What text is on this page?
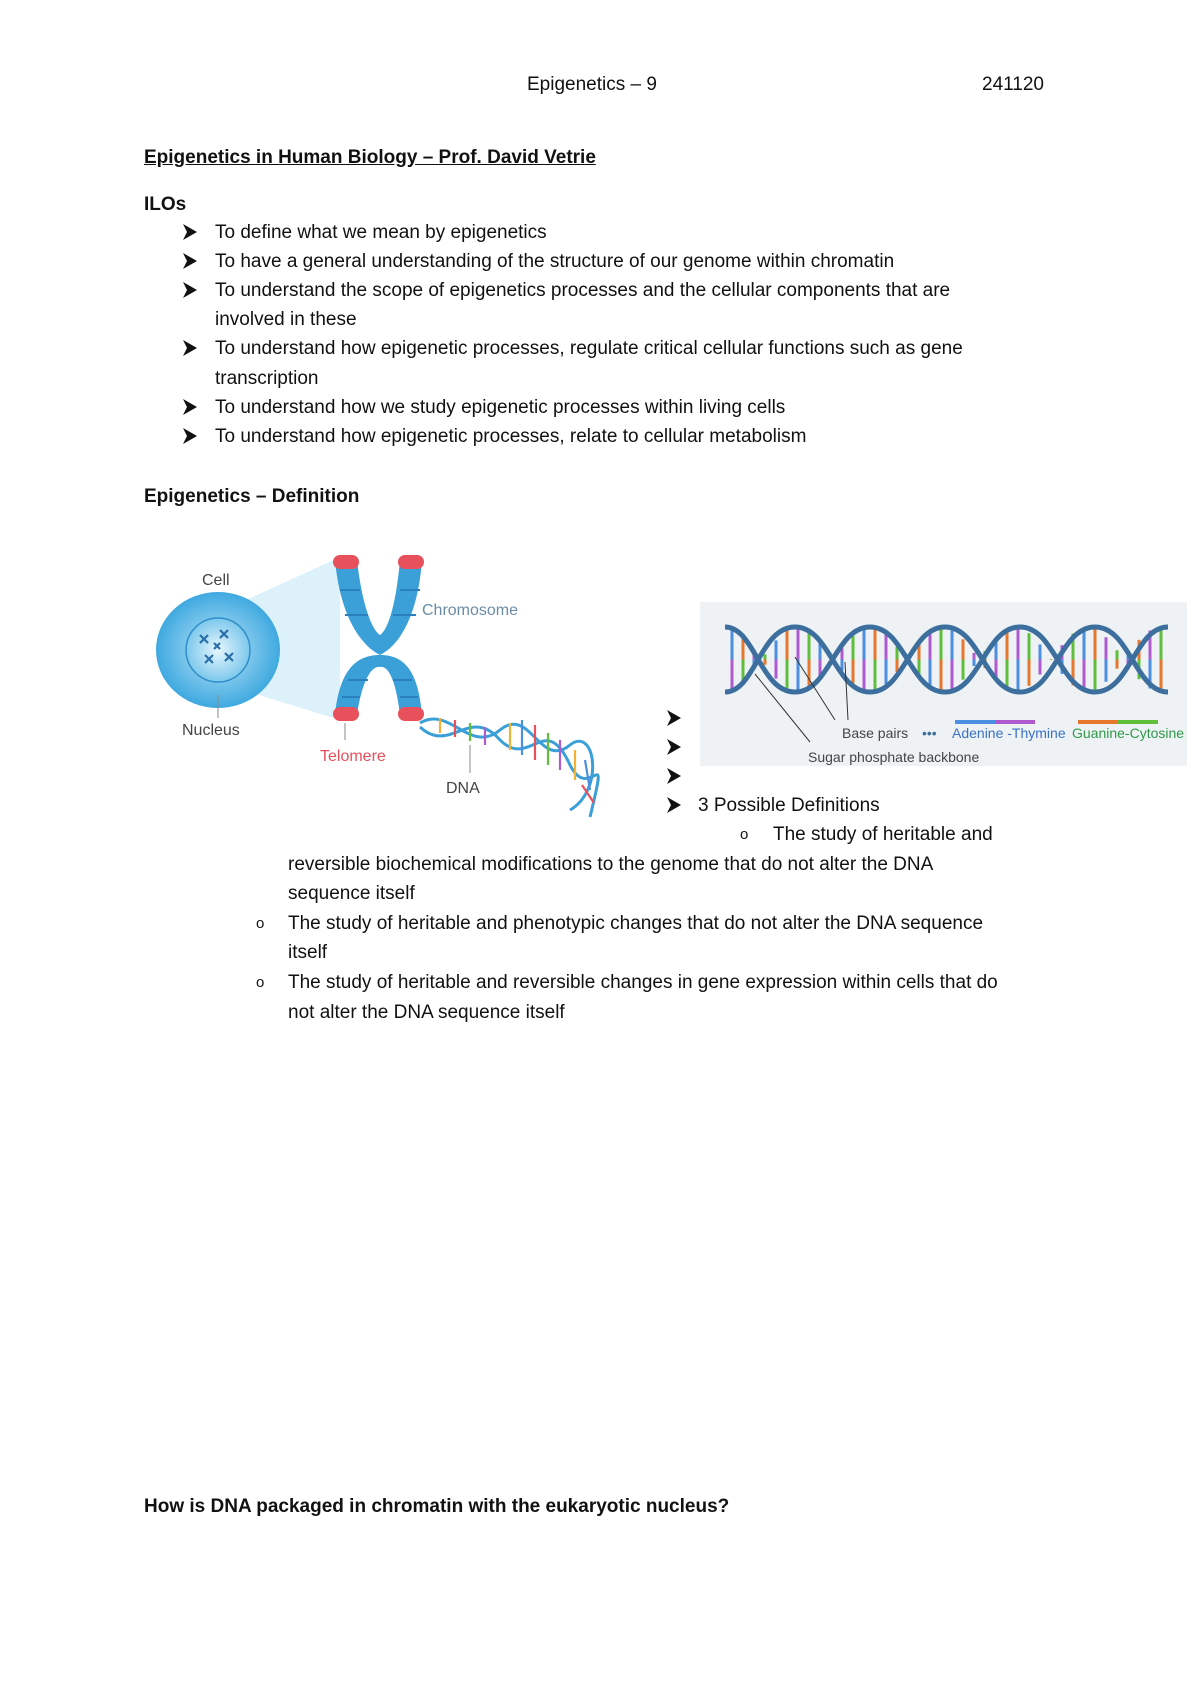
Epigenetics – 9	241120
Epigenetics in Human Biology – Prof. David Vetrie
ILOs
To define what we mean by epigenetics
To have a general understanding of the structure of our genome within chromatin
To understand the scope of epigenetics processes and the cellular components that are
involved in these
To understand how epigenetic processes, regulate critical cellular functions such as gene
transcription
To understand how we study epigenetic processes within living cells
To understand how epigenetic processes, relate to cellular metabolism
Epigenetics – Definition
Cell
Nucleus
Chromosome
Telomere
DNA
Base pairs ••• Adenine -Thymine Guanine-Cytosine
Sugar phosphate backbone
3 Possible Definitions
o The study of heritable and
reversible biochemical modifications to the genome that do not alter the DNA
sequence itself
o The study of heritable and phenotypic changes that do not alter the DNA sequence
itself
o The study of heritable and reversible changes in gene expression within cells that do
not alter the DNA sequence itself
How is DNA packaged in chromatin with the eukaryotic nucleus?
